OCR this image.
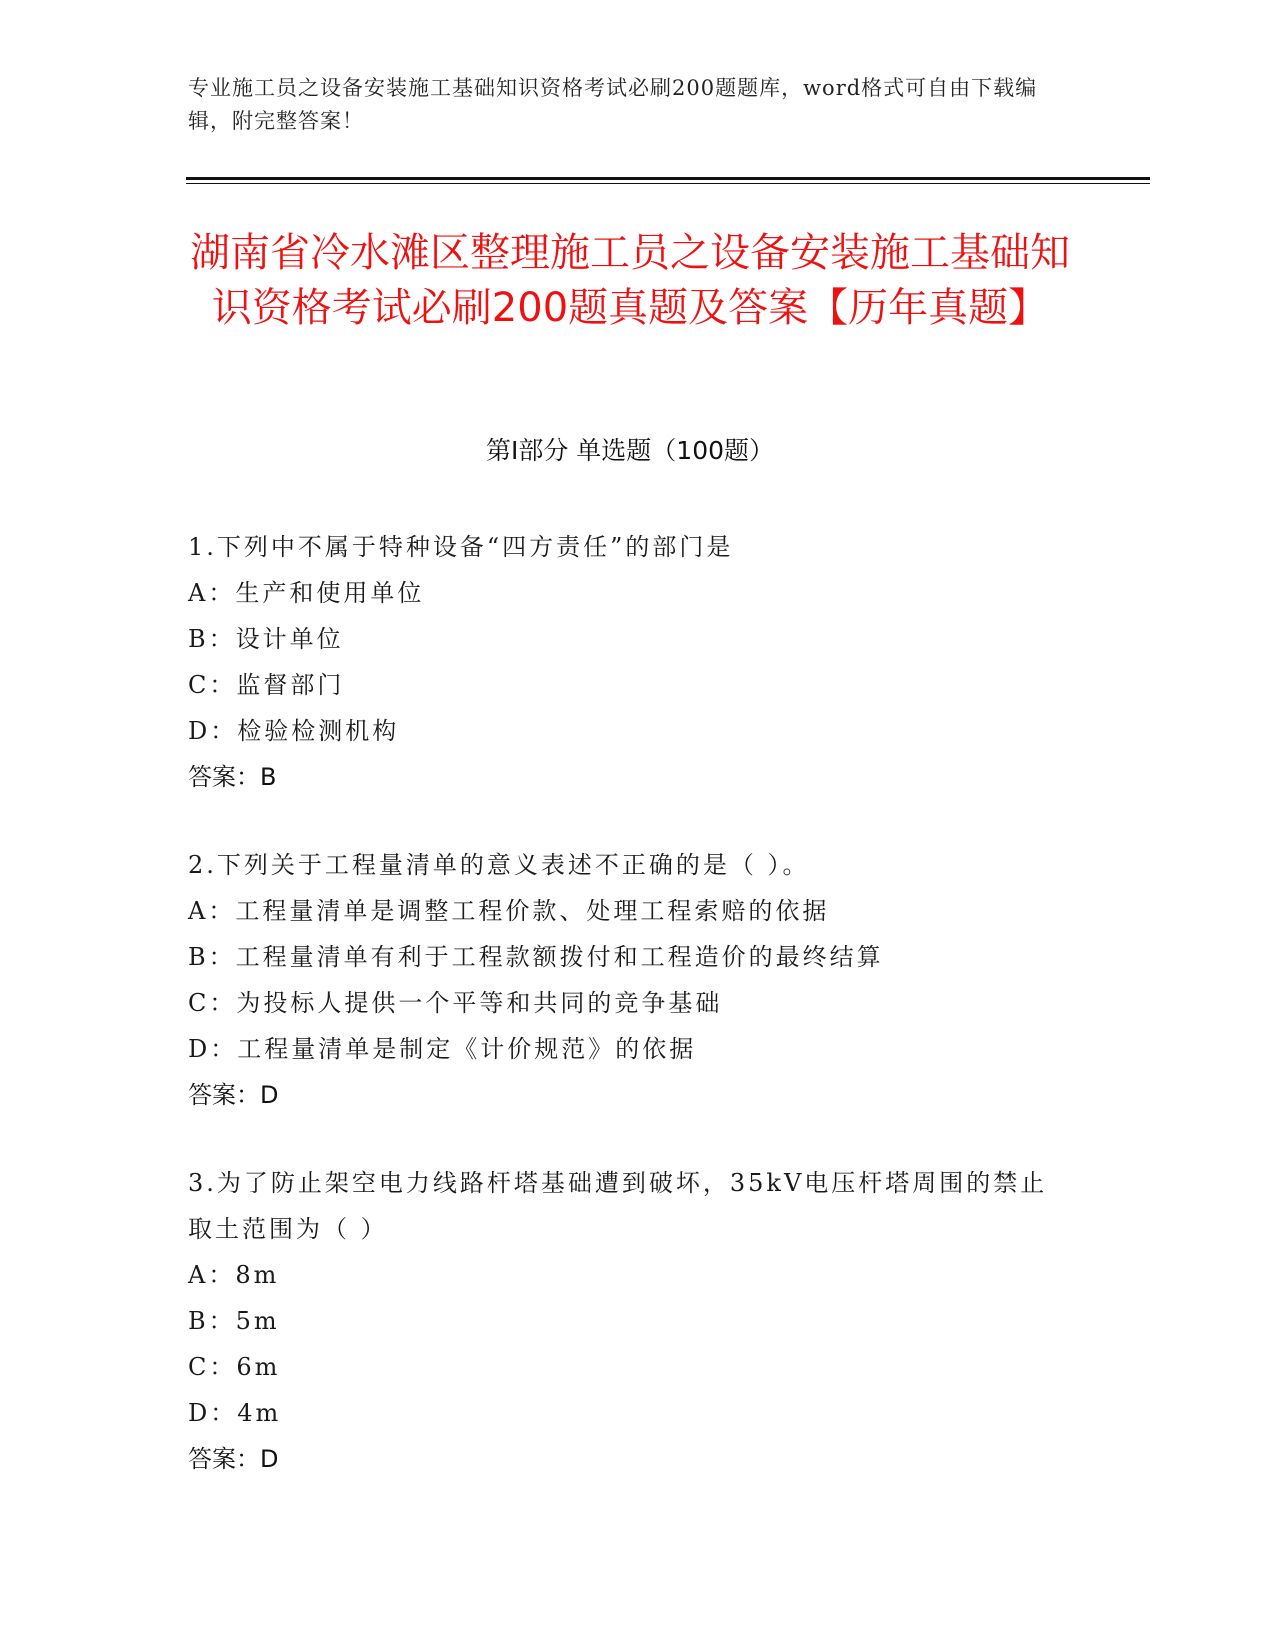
专业施工员之设备安装施工基础知识资格考试必刷200题题库，word格式可自由下载编辑，附完整答案！
湖南省冷水滩区整理施工员之设备安装施工基础知识资格考试必刷200题真题及答案【历年真题】
第I部分 单选题（100题）
1.下列中不属于特种设备“四方责任”的部门是
A：生产和使用单位
B：设计单位
C：监督部门
D：检验检测机构
答案：B
2.下列关于工程量清单的意义表述不正确的是（ ）。
A：工程量清单是调整工程价款、处理工程索赔的依据
B：工程量清单有利于工程款额拨付和工程造价的最终结算
C：为投标人提供一个平等和共同的竞争基础
D：工程量清单是制定《计价规范》的依据
答案：D
3.为了防止架空电力线路杆塔基础遭到破坏，35kV电压杆塔周围的禁止取土范围为（ ）
A：8m
B：5m
C：6m
D：4m
答案：D
